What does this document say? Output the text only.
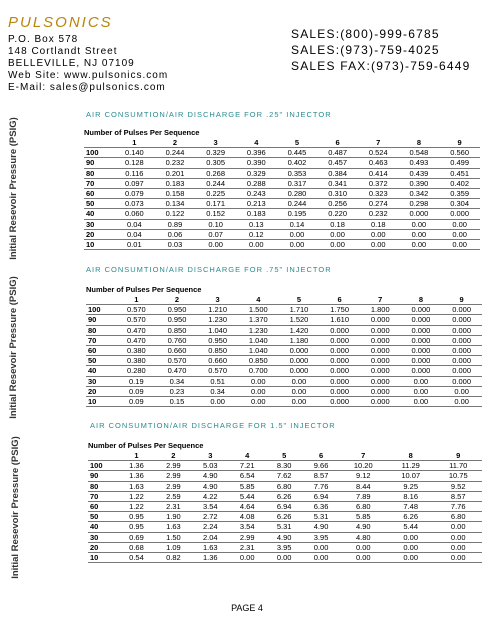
PULSONICS
P.O. Box 578
148 Cortlandt Street
BELLEVILLE, NJ 07109
Web Site: www.pulsonics.com
E-Mail: sales@pulsonics.com
SALES:(800)-999-6785
SALES:(973)-759-4025
SALES FAX:(973)-759-6449
AIR CONSUMTION/AIR DISCHARGE FOR .25" INJECTOR
Initial Resevoir Pressure (PSIG)	Number of Pulses Per Sequence
	1	2	3	4	5	6	7	8	9
100	0.140	0.244	0.329	0.396	0.445	0.487	0.524	0.548	0.560
90	0.128	0.232	0.305	0.390	0.402	0.457	0.463	0.493	0.499
80	0.116	0.201	0.268	0.329	0.353	0.384	0.414	0.439	0.451
70	0.097	0.183	0.244	0.288	0.317	0.341	0.372	0.390	0.402
60	0.079	0.158	0.225	0.243	0.280	0.310	0.323	0.342	0.359
50	0.073	0.134	0.171	0.213	0.244	0.256	0.274	0.298	0.304
40	0.060	0.122	0.152	0.183	0.195	0.220	0.232	0.000	0.000
30	0.04	0.89	0.10	0.13	0.14	0.18	0.18	0.00	0.00
20	0.04	0.06	0.07	0.12	0.00	0.00	0.00	0.00	0.00
10	0.01	0.03	0.00	0.00	0.00	0.00	0.00	0.00	0.00
AIR CONSUMTION/AIR DISCHARGE FOR .75" INJECTOR
Initial Resevoir Pressure (PSIG)	Number of Pulses Per Sequence
	1	2	3	4	5	6	7	8	9
100	0.570	0.950	1.210	1.500	1.710	1.750	1.800	0.000	0.000
90	0.570	0.950	1.230	1.370	1.520	1.610	0.000	0.000	0.000
80	0.470	0.850	1.040	1.230	1.420	0.000	0.000	0.000	0.000
70	0.470	0.760	0.950	1.040	1.180	0.000	0.000	0.000	0.000
60	0.380	0.660	0.850	1.040	0.000	0.000	0.000	0.000	0.000
50	0.380	0.570	0.660	0.850	0.000	0.000	0.000	0.000	0.000
40	0.280	0.470	0.570	0.700	0.000	0.000	0.000	0.000	0.000
30	0.19	0.34	0.51	0.00	0.00	0.000	0.000	0.00	0.000
20	0.09	0.23	0.34	0.00	0.00	0.000	0.000	0.00	0.00
10	0.09	0.15	0.00	0.00	0.00	0.000	0.000	0.00	0.00
AIR CONSUMTION/AIR DISCHARGE FOR 1.5" INJECTOR
Initial Resevoir Pressure (PSIG)	Number of Pulses Per Sequence
	1	2	3	4	5	6	7	8	9
100	1.36	2.99	5.03	7.21	8.30	9.66	10.20	11.29	11.70
90	1.36	2.99	4.90	6.54	7.62	8.57	9.12	10.07	10.75
80	1.63	2.99	4.90	5.85	6.80	7.76	8.44	9.25	9.52
70	1.22	2.59	4.22	5.44	6.26	6.94	7.89	8.16	8.57
60	1.22	2.31	3.54	4.64	6.94	6.36	6.80	7.48	7.76
50	0.95	1.90	2.72	4.08	6.26	5.31	5.85	6.26	6.80
40	0.95	1.63	2.24	3.54	5.31	4.90	4.90	5.44	0.00
30	0.69	1.50	2.04	2.99	4.90	3.95	4.80	0.00	0.00
20	0.68	1.09	1.63	2.31	3.95	0.00	0.00	0.00	0.00
10	0.54	0.82	1.36	0.00	0.00	0.00	0.00	0.00	0.00
PAGE 4
